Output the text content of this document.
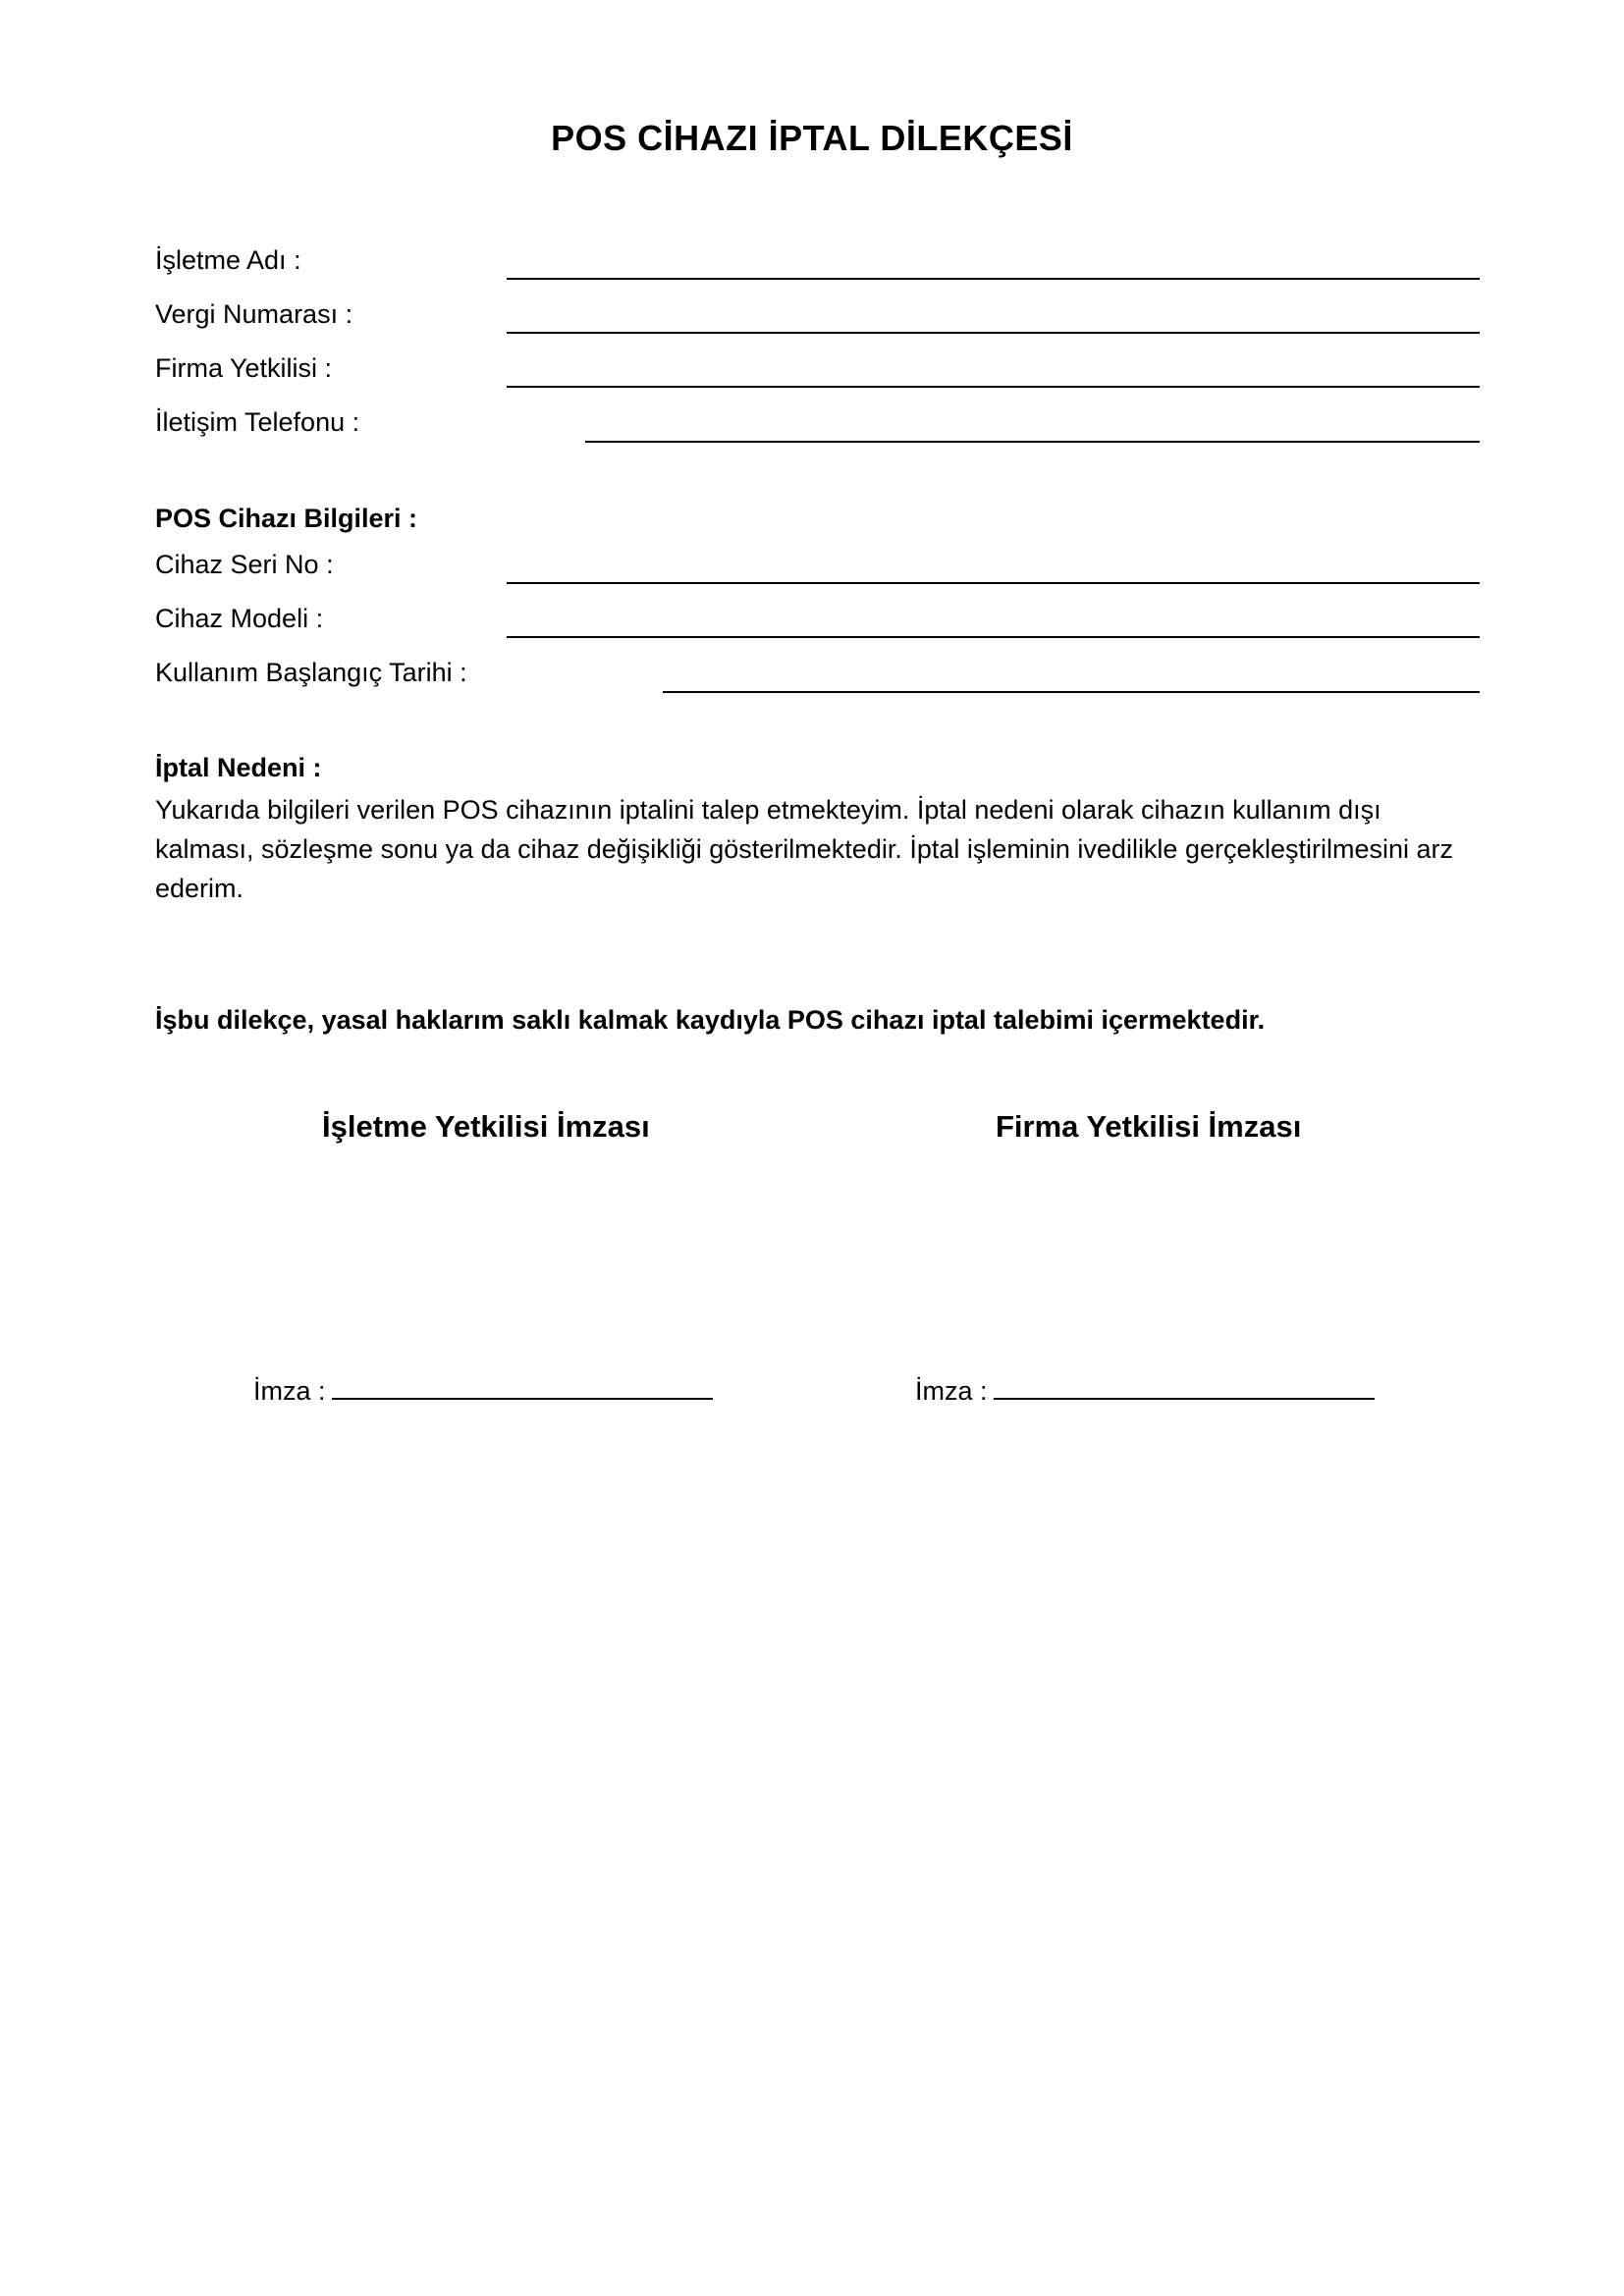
POS CİHAZI İPTAL DİLEKÇESİ
İşletme Adı :
Vergi Numarası :
Firma Yetkilisi :
İletişim Telefonu :
POS Cihazı Bilgileri :
Cihaz Seri No :
Cihaz Modeli :
Kullanım Başlangıç Tarihi :
İptal Nedeni :
Yukarıda bilgileri verilen POS cihazının iptalini talep etmekteyim. İptal nedeni olarak cihazın kullanım dışı kalması, sözleşme sonu ya da cihaz değişikliği gösterilmektedir. İptal işleminin ivedilikle gerçekleştirilmesini arz ederim.
İşbu dilekçe, yasal haklarım saklı kalmak kaydıyla POS cihazı iptal talebimi içermektedir.
İşletme Yetkilisi İmzası	Firma Yetkilisi İmzası
İmza :	İmza :
